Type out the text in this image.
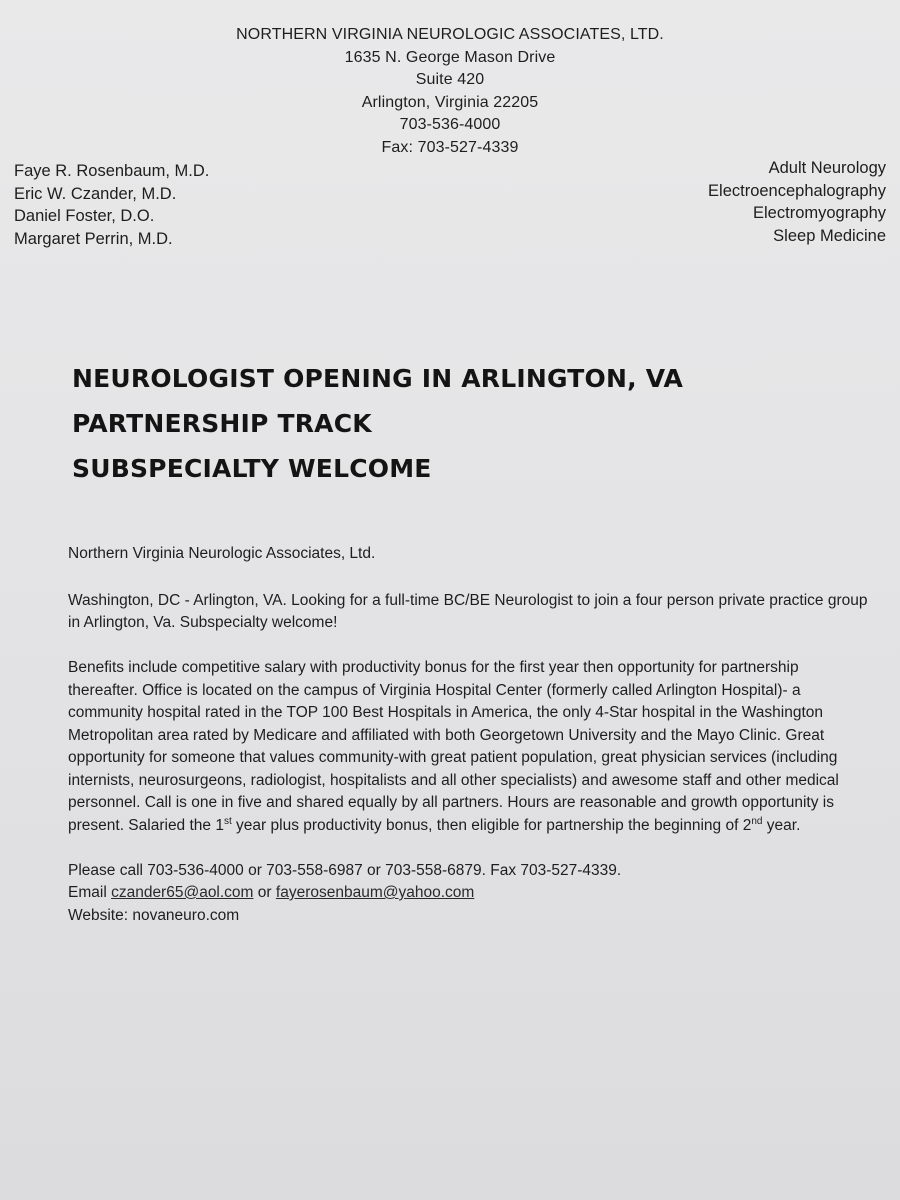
NORTHERN VIRGINIA NEUROLOGIC ASSOCIATES, LTD.
1635 N. George Mason Drive
Suite 420
Arlington, Virginia 22205
703-536-4000
Fax: 703-527-4339
Faye R. Rosenbaum, M.D.
Eric W. Czander, M.D.
Daniel Foster, D.O.
Margaret Perrin, M.D.
Adult Neurology
Electroencephalography
Electromyography
Sleep Medicine
NEUROLOGIST OPENING IN ARLINGTON, VA
PARTNERSHIP TRACK
SUBSPECIALTY WELCOME

Northern Virginia Neurologic Associates, Ltd.

Washington, DC - Arlington, VA. Looking for a full-time BC/BE Neurologist to join a four person private practice group in Arlington, Va. Subspecialty welcome!

Benefits include competitive salary with productivity bonus for the first year then opportunity for partnership thereafter. Office is located on the campus of Virginia Hospital Center (formerly called Arlington Hospital)- a community hospital rated in the TOP 100 Best Hospitals in America, the only 4-Star hospital in the Washington Metropolitan area rated by Medicare and affiliated with both Georgetown University and the Mayo Clinic. Great opportunity for someone that values community-with great patient population, great physician services (including internists, neurosurgeons, radiologist, hospitalists and all other specialists) and awesome staff and other medical personnel. Call is one in five and shared equally by all partners. Hours are reasonable and growth opportunity is present. Salaried the 1st year plus productivity bonus, then eligible for partnership the beginning of 2nd year.

Please call 703-536-4000 or 703-558-6987 or 703-558-6879. Fax 703-527-4339.
Email czander65@aol.com or fayerosenbaum@yahoo.com
Website: novaneuro.com
